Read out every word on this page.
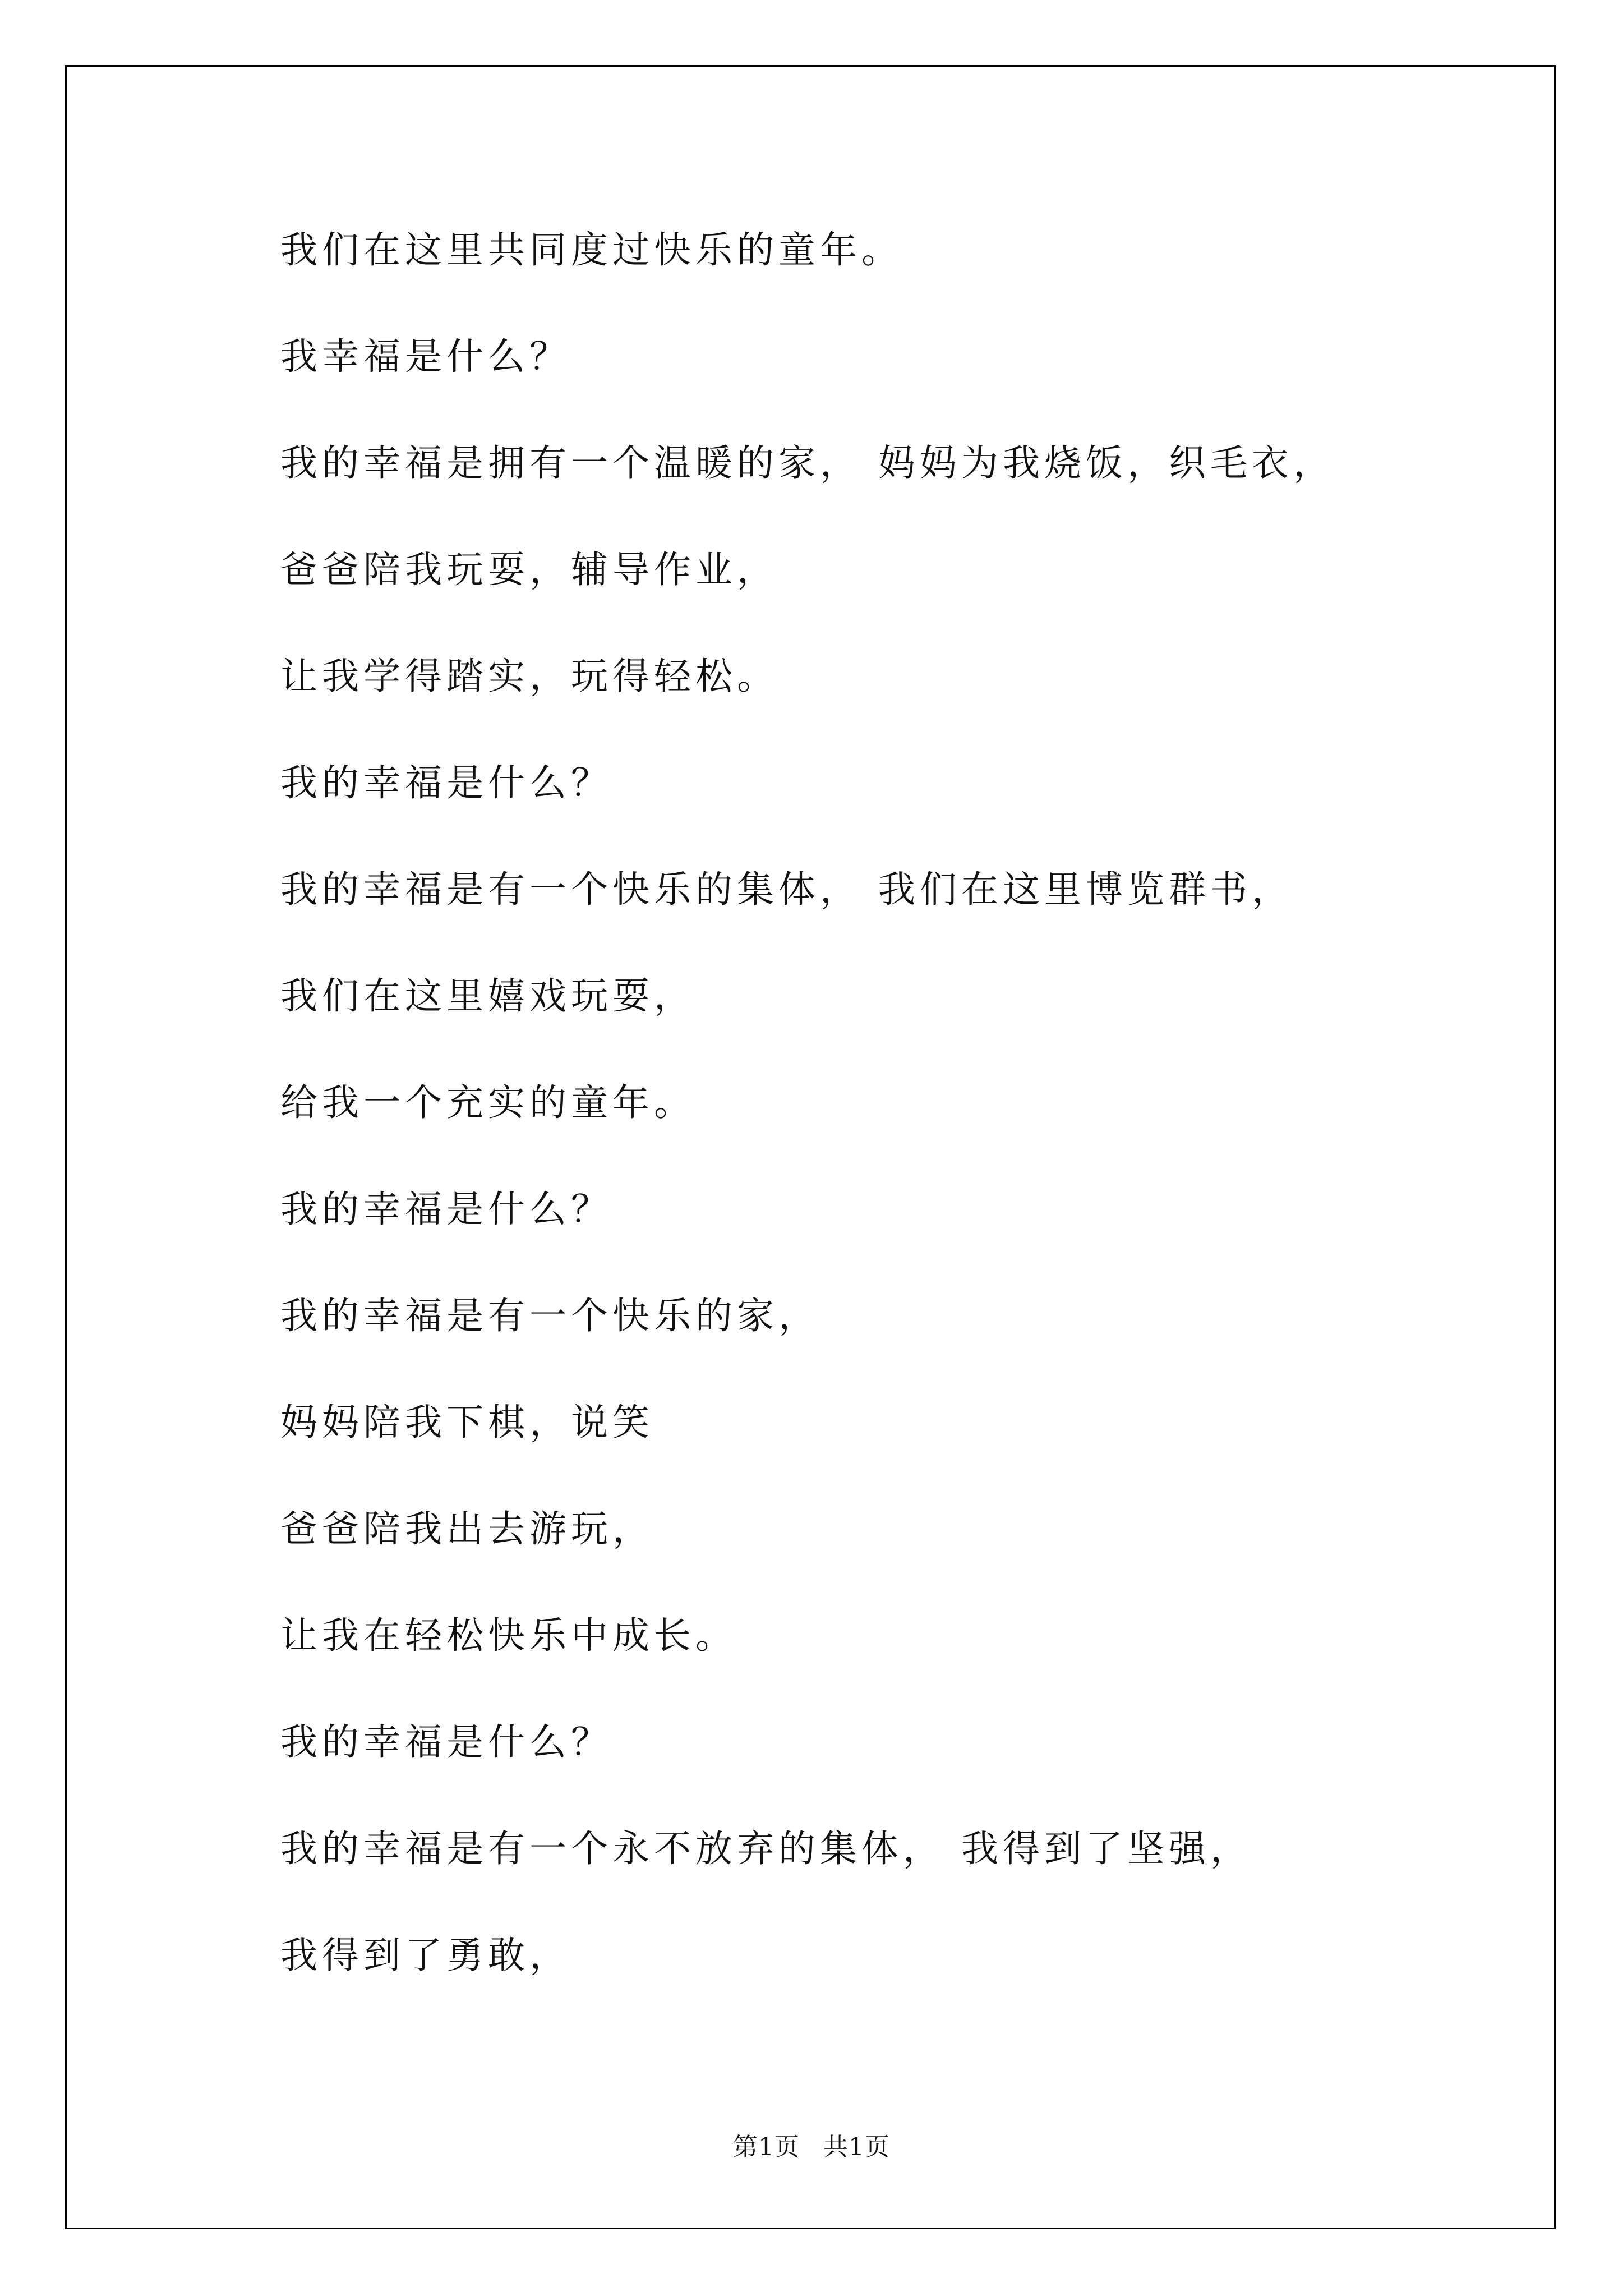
我们在这里共同度过快乐的童年。
我幸福是什么？
我的幸福是拥有一个温暖的家， 妈妈为我烧饭，织毛衣，
爸爸陪我玩耍，辅导作业，
让我学得踏实，玩得轻松。
我的幸福是什么？
我的幸福是有一个快乐的集体， 我们在这里博览群书，
我们在这里嬉戏玩耍，
给我一个充实的童年。
我的幸福是什么？
我的幸福是有一个快乐的家，
妈妈陪我下棋，说笑
爸爸陪我出去游玩，
让我在轻松快乐中成长。
我的幸福是什么？
我的幸福是有一个永不放弃的集体， 我得到了坚强，
我得到了勇敢，
第1页 共1页
